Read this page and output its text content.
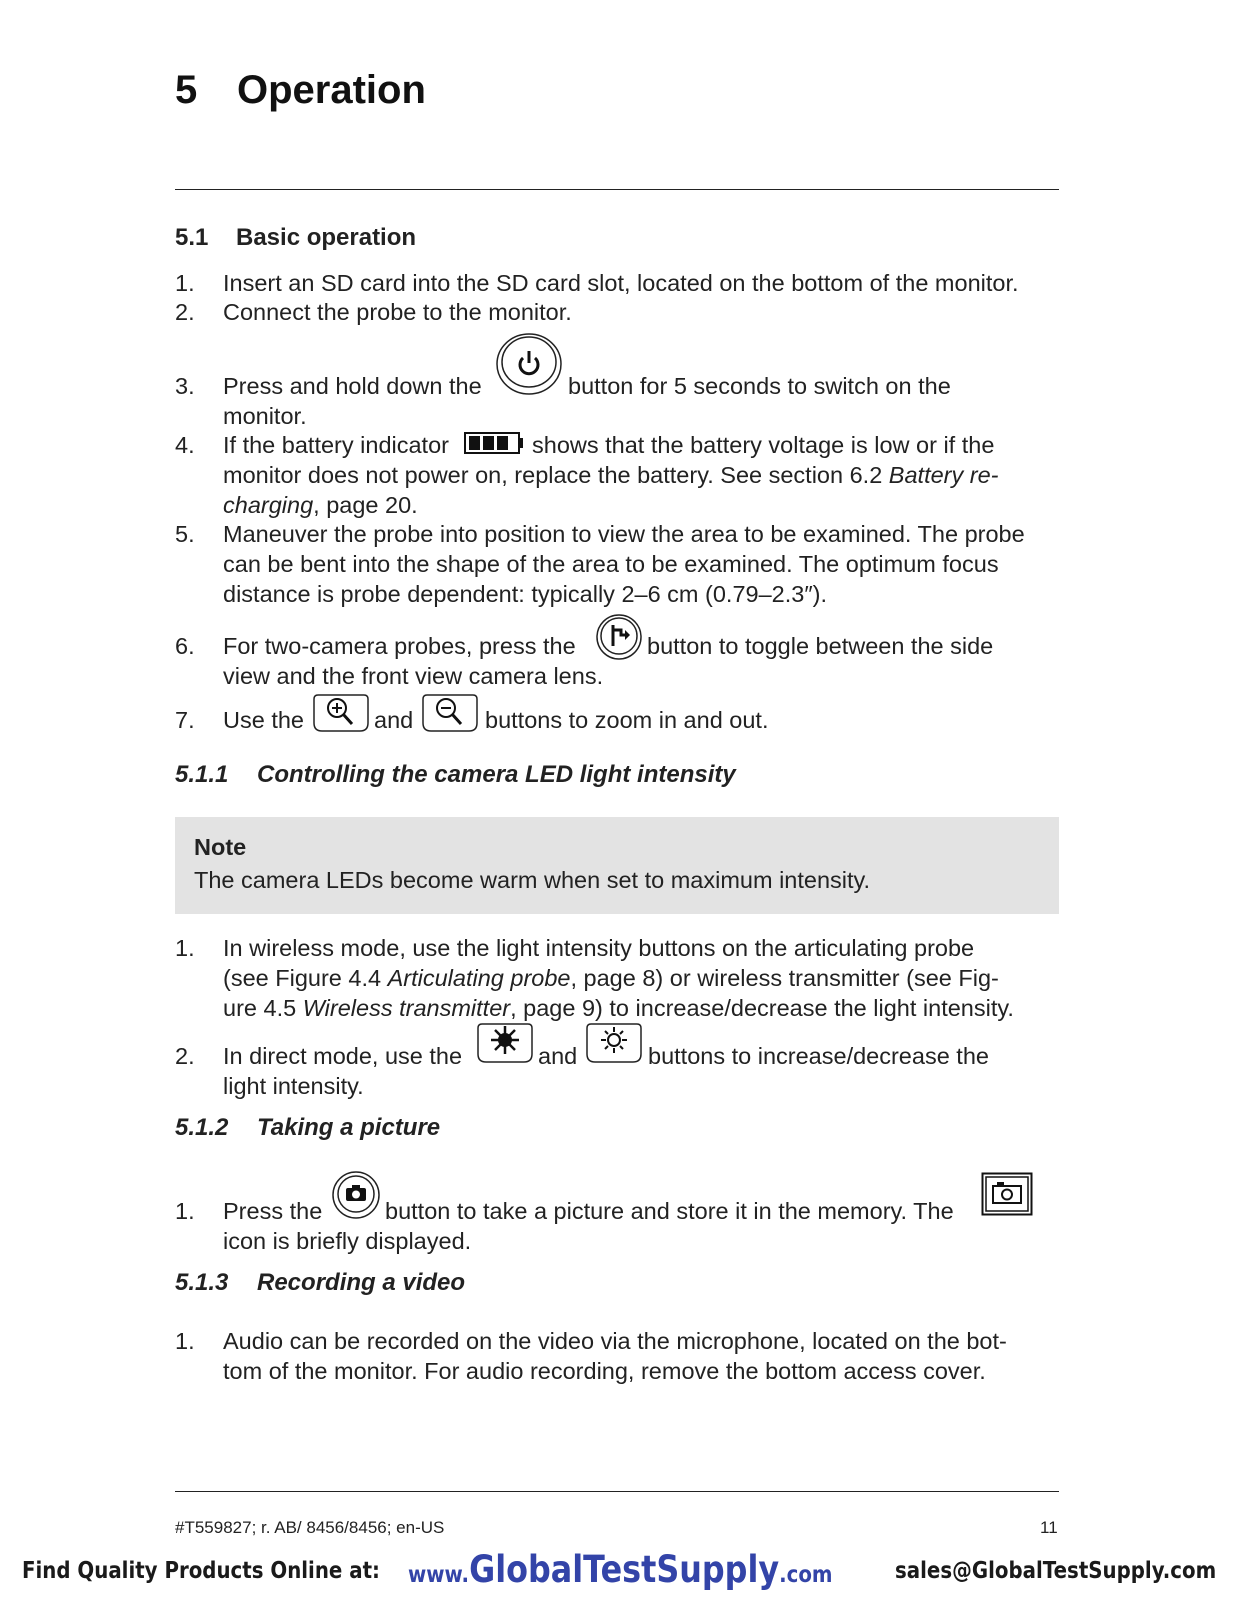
5 Operation
5.1 Basic operation
1. Insert an SD card into the SD card slot, located on the bottom of the monitor.
2. Connect the probe to the monitor.
3. Press and hold down the
monitor.
button for 5 seconds to switch on the
4. If the battery indicator
monitor does not power on, replace the battery. See section 6.2 Battery re-
charging, page 20.
shows that the battery voltage is low or if the
5. Maneuver the probe into position to view the area to be examined. The probe
can be bent into the shape of the area to be examined. The optimum focus
distance is probe dependent: typically 2–6 cm (0.79–2.3″).
6. For two-camera probes, press the
view and the front view camera lens.
button to toggle between the side
7. Use the	and	buttons to zoom in and out.
5.1.1 Controlling the camera LED light intensity
Note
The camera LEDs become warm when set to maximum intensity.
1. In wireless mode, use the light intensity buttons on the articulating probe
(see Figure 4.4 Articulating probe, page 8) or wireless transmitter (see Fig-
ure 4.5 Wireless transmitter, page 9) to increase/decrease the light intensity.
2. In direct mode, use the
light intensity.
and	buttons to increase/decrease the
5.1.2 Taking a picture
1. Press the
icon is briefly displayed.
button to take a picture and store it in the memory. The
5.1.3 Recording a video
1. Audio can be recorded on the video via the microphone, located on the bot-
tom of the monitor. For audio recording, remove the bottom access cover.
#T559827; r. AB/ 8456/8456; en-US	11
Find Quality Products Online at: www.GlobalTestSupply.com	sales@GlobalTestSupply.com
